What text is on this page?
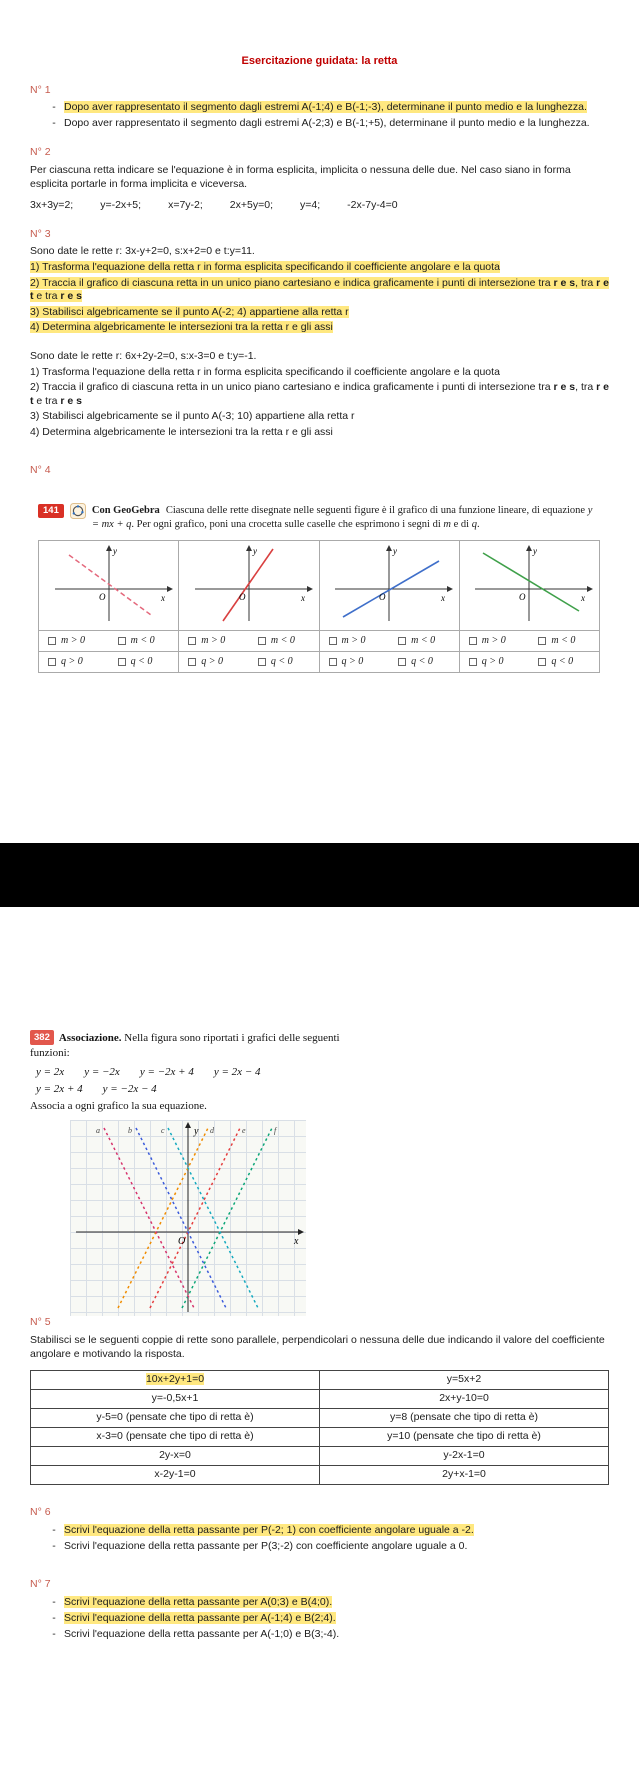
Esercitazione guidata: la retta
N° 1
- Dopo aver rappresentato il segmento dagli estremi A(-1;4) e B(-1;-3), determinane il punto medio e la lunghezza.
- Dopo aver rappresentato il segmento dagli estremi A(-2;3) e B(-1;+5), determinane il punto medio e la lunghezza.
N° 2
Per ciascuna retta indicare se l'equazione è in forma esplicita, implicita o nessuna delle due. Nel caso siano in forma esplicita portarle in forma implicita e viceversa.
3x+3y=2;	y=-2x+5;	x=7y-2;	2x+5y=0;	y=4;	-2x-7y-4=0
N° 3
Sono date le rette r: 3x-y+2=0, s:x+2=0 e t:y=11.
1) Trasforma l'equazione della retta r in forma esplicita specificando il coefficiente angolare e la quota
2) Traccia il grafico di ciascuna retta in un unico piano cartesiano e indica graficamente i punti di intersezione tra r e s, tra r e t e tra r e s
3) Stabilisci algebricamente se il punto A(-2; 4) appartiene alla retta r
4) Determina algebricamente le intersezioni tra la retta r e gli assi
Sono date le rette r: 6x+2y-2=0, s:x-3=0 e t:y=-1.
1) Trasforma l'equazione della retta r in forma esplicita specificando il coefficiente angolare e la quota
2) Traccia il grafico di ciascuna retta in un unico piano cartesiano e indica graficamente i punti di intersezione tra r e s, tra r e t e tra r e s
3) Stabilisci algebricamente se il punto A(-3; 10) appartiene alla retta r
4) Determina algebricamente le intersezioni tra la retta r e gli assi
N° 4
141	Con GeoGebra Ciascuna delle rette disegnate nelle seguenti figure è il grafico di una funzione lineare, di equazione y = mx + q. Per ogni grafico, poni una crocetta sulle caselle che esprimono i segni di m e di q.
y
x
O	y
x
O	y
x
O	y
x
O

m > 0 m < 0	m > 0 m < 0	m > 0 m < 0	m > 0 m < 0

q > 0 q < 0	q > 0 q < 0	q > 0 q < 0	q > 0 q < 0
382 Associazione. Nella figura sono riportati i grafici delle seguenti funzioni:
y = 2x y = −2x y = −2x + 4 y = 2x − 4
y = 2x + 4 y = −2x − 4
Associa a ogni grafico la sua equazione.
a	b	c	d	e	f
y
x
O
N° 5
Stabilisci se le seguenti coppie di rette sono parallele, perpendicolari o nessuna delle due indicando il valore del coefficiente angolare e motivando la risposta.
10x+2y+1=0	y=5x+2
y=-0,5x+1	2x+y-10=0
y-5=0 (pensate che tipo di retta è)	y=8 (pensate che tipo di retta è)
x-3=0 (pensate che tipo di retta è)	y=10 (pensate che tipo di retta è)
2y-x=0	y-2x-1=0
x-2y-1=0	2y+x-1=0
N° 6
- Scrivi l'equazione della retta passante per P(-2; 1) con coefficiente angolare uguale a -2.
- Scrivi l'equazione della retta passante per P(3;-2) con coefficiente angolare uguale a 0.
N° 7
- Scrivi l'equazione della retta passante per A(0;3) e B(4;0).
- Scrivi l'equazione della retta passante per A(-1;4) e B(2;4).
- Scrivi l'equazione della retta passante per A(-1;0) e B(3;-4).
